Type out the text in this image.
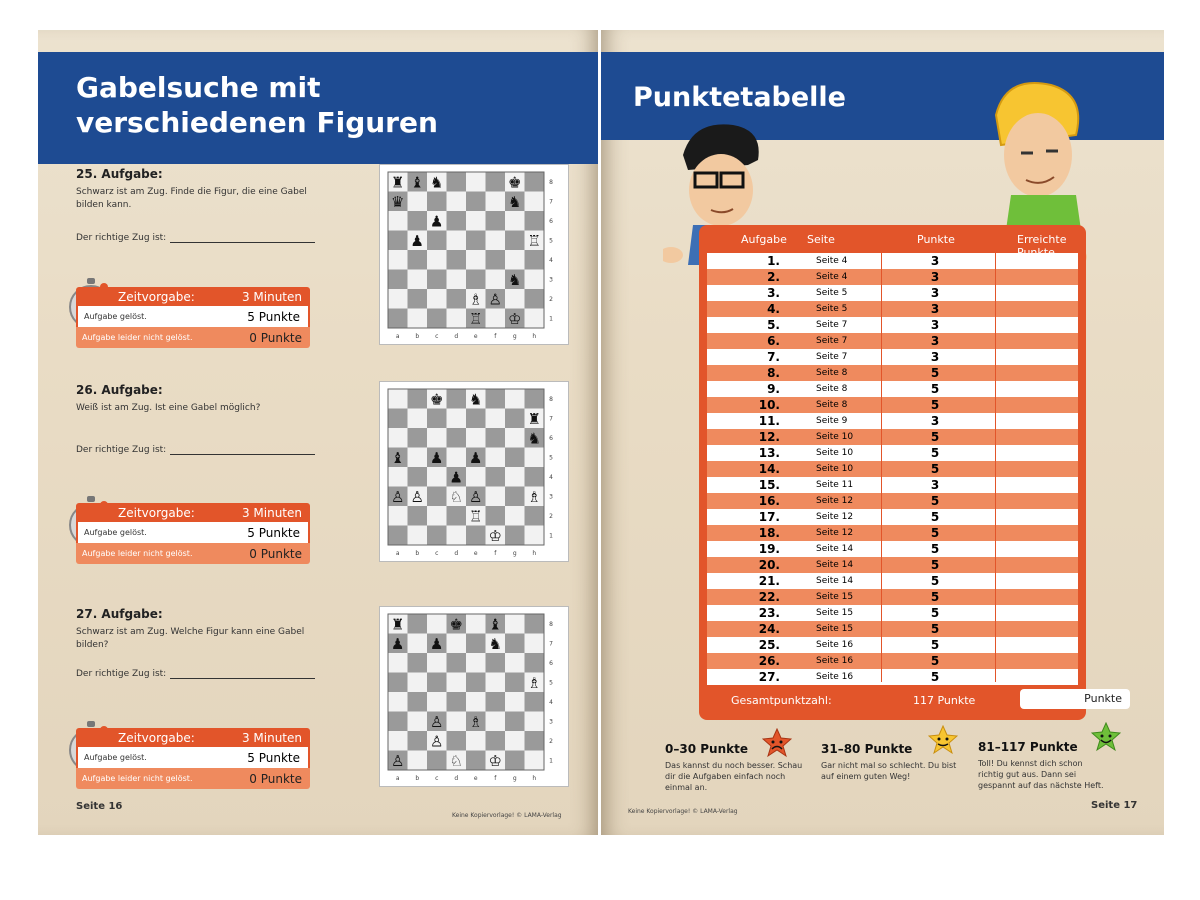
Gabelsuche mit
verschiedenen Figuren
25. Aufgabe:
Schwarz ist am Zug. Finde die Figur, die eine Gabel bilden kann.
Der richtige Zug ist:
Zeitvorgabe:	3 Minuten
Aufgabe gelöst.	5 Punkte
Aufgabe leider nicht gelöst.	0 Punkte
26. Aufgabe:
Weiß ist am Zug. Ist eine Gabel möglich?
Der richtige Zug ist:
Zeitvorgabe:	3 Minuten
Aufgabe gelöst.	5 Punkte
Aufgabe leider nicht gelöst.	0 Punkte
27. Aufgabe:
Schwarz ist am Zug. Welche Figur kann eine Gabel bilden?
Der richtige Zug ist:
Zeitvorgabe:	3 Minuten
Aufgabe gelöst.	5 Punkte
Aufgabe leider nicht gelöst.	0 Punkte
a	b	c	d	e	f	g	h
8
7
6
5
4
3
2
1
♜ ♝ ♞	♚
♛	♞
♟
♟	♖
♞
♙
♗
♖ ♔
a	b	c	d	e	f	g	h
8
7
6
5
4
3
2
1
♚ ♞
♜
♞
♝ ♟ ♟
♟
♙ ♙ ♘ ♙	♗
♖
♔
a	b	c	d	e	f	g	h
8
7
6
5
4
3
2
1
♜	♚ ♝
♟ ♟	♞
♗
♙ ♗
♙
♙
♘ ♔
Seite 16
Keine Kopiervorlage! © LAMA-Verlag
Punktetabelle
Aufgabe Seite	Punkte	Erreichte
1.	Seite 4	3
2.	Seite 4	3
3.	Seite 5	3
4.	Seite 5	3
5.	Seite 7	3
6.	Seite 7	3
7.	Seite 7	3
8.	Seite 8	5
9.	Seite 8	5
10.	Seite 8	5
11.	Seite 9	3
12.	Seite 10	5
13.	Seite 10	5
14.	Seite 10	5
15.	Seite 11	3
16.	Seite 12	5
17.	Seite 12	5
18.	Seite 12	5
19.	Seite 14	5
20.	Seite 14	5
21.	Seite 14	5
22.	Seite 15	5
23.	Seite 15	5
24.	Seite 15	5
25.	Seite 16	5
26.	Seite 16	5
27.	Seite 16	5
Gesamtpunktzahl:	117 Punkte	Punkte
0–30 Punkte
Das kannst du noch besser. Schau dir die Aufgaben einfach noch einmal an.
31–80 Punkte
Gar nicht mal so schlecht. Du bist auf einem guten Weg!
81–117 Punkte
Toll! Du kennst dich schon richtig gut aus. Dann sei gespannt auf das nächste Heft.
Keine Kopiervorlage! © LAMA-Verlag
Seite 17
